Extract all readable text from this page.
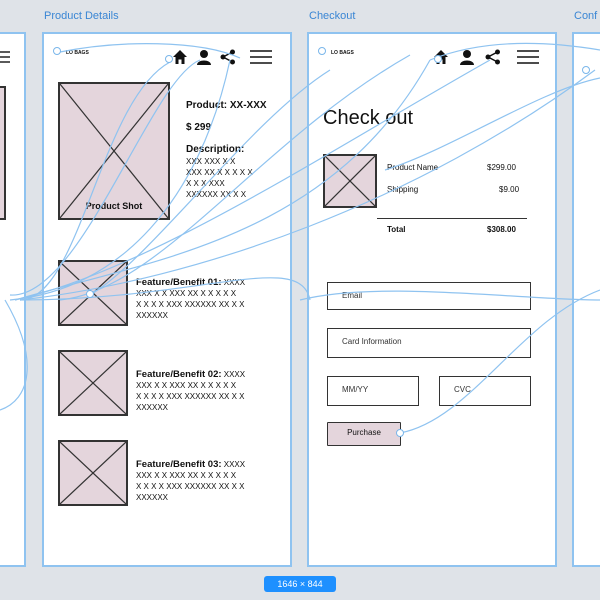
Product Details	Checkout	Conf
LO BAGS
Product Shot
Product: XX-XXX
$ 299
Description:
XXX XXX X X
XXX XX X X X X X
X X X XXX
XXXXXX XX X X

Feature/Benefit 01: XXXX

XXX X X XXX XX X X X X X
X X X X XXX XXXXXX XX X X
XXXXXX

Feature/Benefit 02: XXXX

XXX X X XXX XX X X X X X
X X X X XXX XXXXXX XX X X
XXXXXX

Feature/Benefit 03: XXXX

XXX X X XXX XX X X X X X
X X X X XXX XXXXXX XX X X
XXXXXX

LO BAGS
Check out
Product Name	$299.00
Shipping	$9.00
Total	$308.00
Email
Card Information
MM/YY	CVC
Purchase
1646 × 844
